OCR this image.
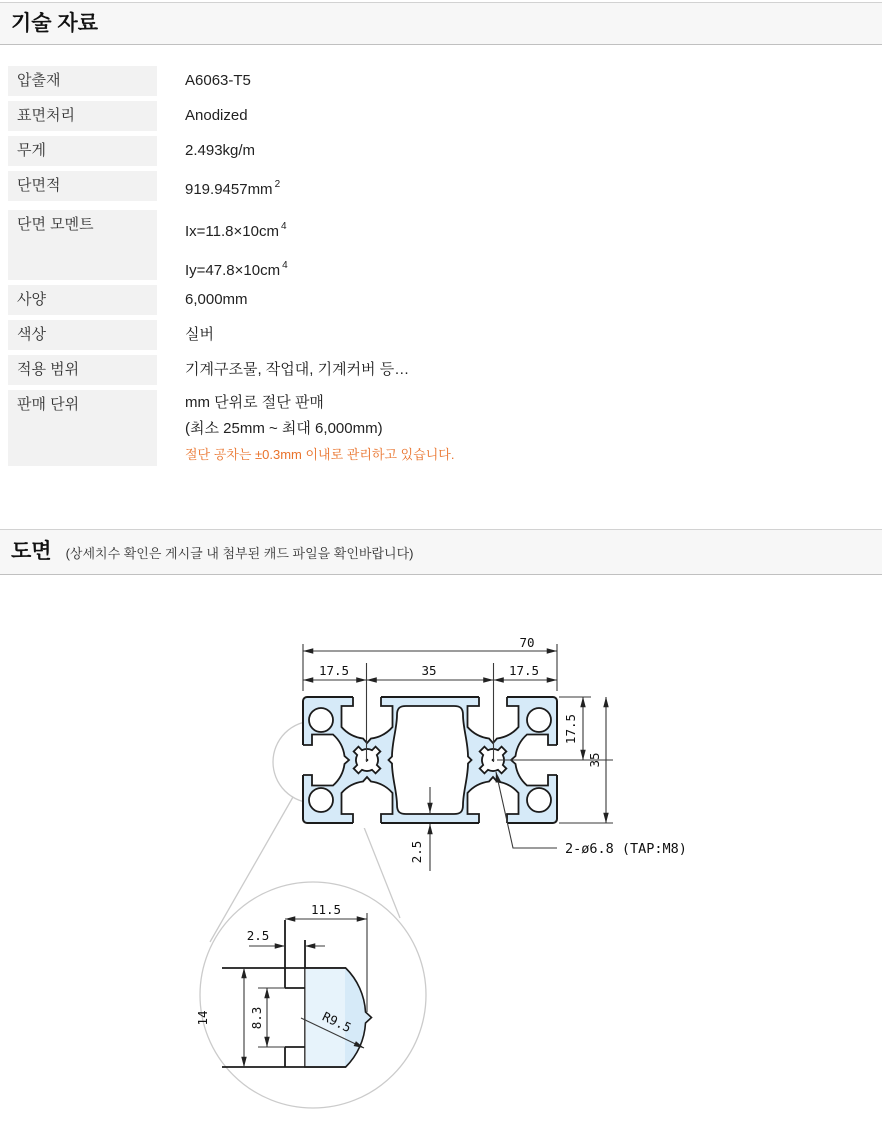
기술 자료
압출재	A6063-T5
표면처리	Anodized
무게	2.493kg/m
단면적	919.9457mm $^2$
단면 모멘트	Ix=11.8×10cm $^4$
Iy=47.8×10cm $^4$
사양	6,000mm
색상	실버
적용 범위	기계구조물, 작업대, 기계커버 등…
판매 단위	mm 단위로 절단 판매
(최소 25mm ~ 최대 6,000mm)
절단 공차는 ±0.3mm 이내로 관리하고 있습니다.
도면 (상세치수 확인은 게시글 내 첨부된 캐드 파일을 확인바랍니다)
70
17.5	35	17.5
17.5
35
2.5	2-ø6.8 (TAP:M8)
11.5
2.5
14	8.3	R9.5
